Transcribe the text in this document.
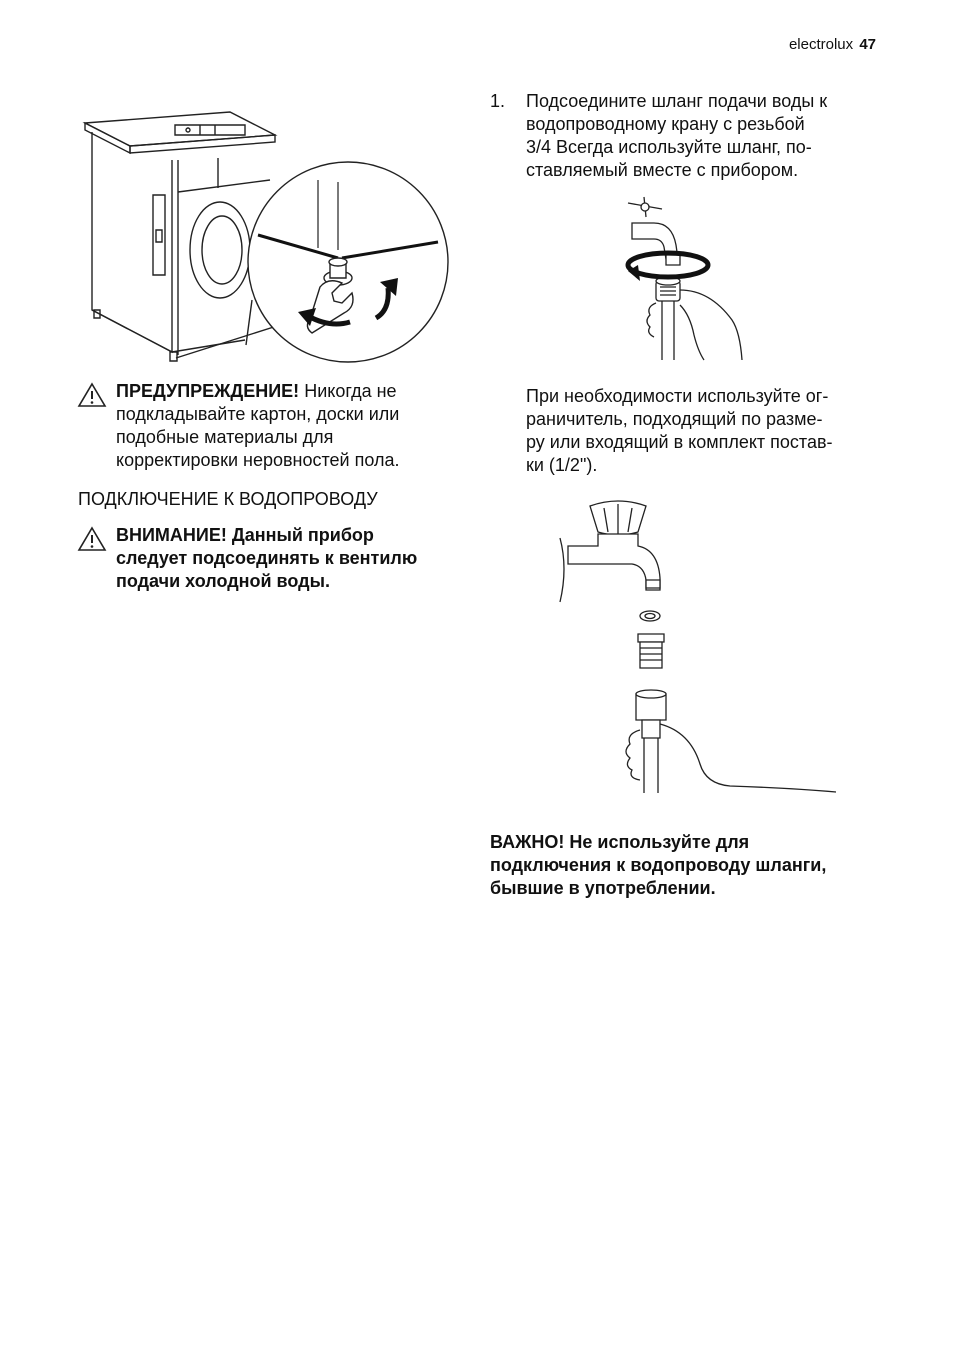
electrolux 47
ПРЕДУПРЕЖДЕНИЕ! Никогда не
подкладывайте картон, доски или
подобные материалы для
корректировки неровностей пола.
ПОДКЛЮЧЕНИЕ К ВОДОПРОВОДУ
ВНИМАНИЕ! Данный прибор
следует подсоединять к вентилю
подачи холодной воды.
1. Подсоедините шланг подачи воды к
водопроводному крану с резьбой
3/4 Всегда используйте шланг, по-
ставляемый вместе с прибором.
При необходимости используйте ог-
раничитель, подходящий по разме-
ру или входящий в комплект постав-
ки (1/2").
ВАЖНО! Не используйте для
подключения к водопроводу шланги,
бывшие в употреблении.
